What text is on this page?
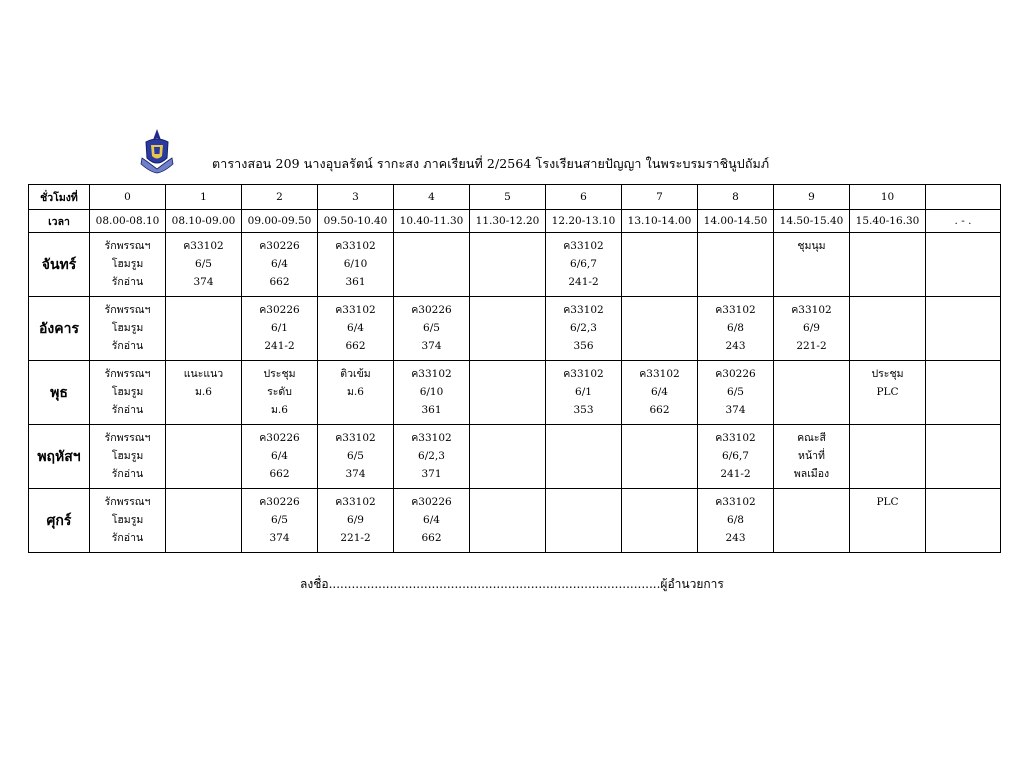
ตารางสอน 209 นางอุบลรัตน์ รากะสง ภาคเรียนที่ 2/2564 โรงเรียนสายปัญญา ในพระบรมราชินูปถัมภ์
ชั่วโมงที่	0	1	2	3	4	5	6	7	8	9	10	
เวลา	08.00-08.10	08.10-09.00	09.00-09.50	09.50-10.40	10.40-11.30	11.30-12.20	12.20-13.10	13.10-14.00	14.00-14.50	14.50-15.40	15.40-16.30	. - .
จันทร์	รักพรรณฯ
โฮมรูม
รักอ่าน	ค33102
6/5
374	ค30226
6/4
662	ค33102
6/10
361			ค33102
6/6,7
241-2			ชุมนุม		

อังคาร	รักพรรณฯ
โฮมรูม
รักอ่าน		ค30226
6/1
241-2	ค33102
6/4
662	ค30226
6/5
374		ค33102
6/2,3
356		ค33102
6/8
243	ค33102
6/9
221-2		

พุธ	รักพรรณฯ
โฮมรูม
รักอ่าน	แนะแนว
ม.6	ประชุม
ระดับ
ม.6	ติวเข้ม
ม.6	ค33102
6/10
361		ค33102
6/1
353	ค33102
6/4
662	ค30226
6/5
374		ประชุม
PLC	

พฤหัสฯ	รักพรรณฯ
โฮมรูม
รักอ่าน		ค30226
6/4
662	ค33102
6/5
374	ค33102
6/2,3
371				ค33102
6/6,7
241-2	คณะสี
หน้าที่
พลเมือง		

ศุกร์	รักพรรณฯ
โฮมรูม
รักอ่าน		ค30226
6/5
374	ค33102
6/9
221-2	ค30226
6/4
662				ค33102
6/8
243		PLC	

ลงชื่อ.......................................................................................ผู้อำนวยการ
